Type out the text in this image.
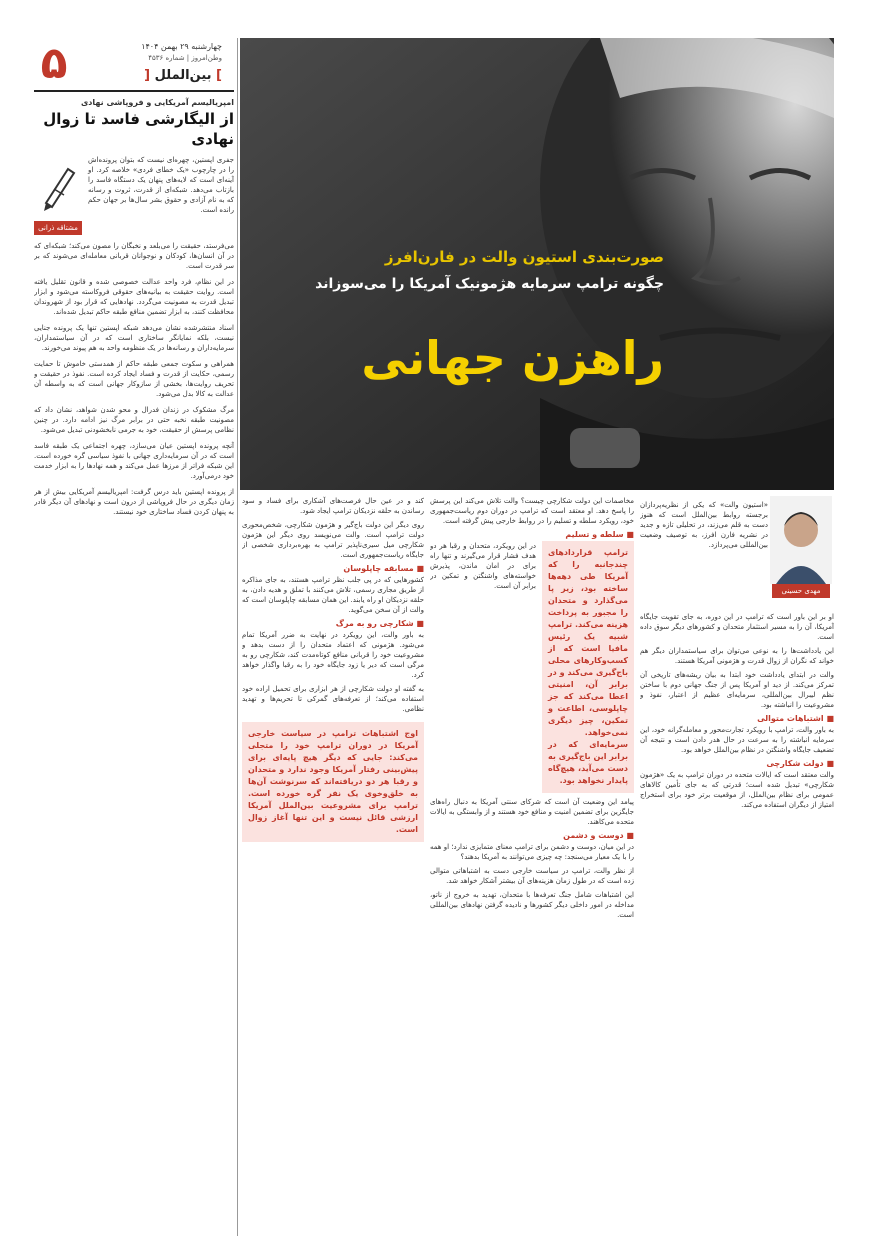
۵	چهارشنبه ۲۹ بهمن ۱۴۰۴
وطن‌امروز | شماره ۴۵۳۶
] بین‌الملل [
امپریالیسم آمریکایی و فروپاشی نهادی
از الیگارشی فاسد تا زوال نهادی
مشتاقه ذرانی
جفری اپستین، چهره‌ای نیست که بتوان پرونده‌اش را در چارچوب «یک خطای فردی» خلاصه کرد. او آینه‌ای است که لایه‌های پنهان یک دستگاه فاسد را بازتاب می‌دهد. شبکه‌ای از قدرت، ثروت و رسانه که به نام آزادی و حقوق بشر سال‌ها بر جهان حکم رانده است.
می‌فرستد، حقیقت را می‌بلعد و نخبگان را مصون می‌کند؛ شبکه‌ای که در آن انسان‌ها، کودکان و نوجوانان قربانی معامله‌ای می‌شوند که بر سر قدرت است.
در این نظام، فرد واحد عدالت خصوصی شده و قانون تقلیل یافته است. روایت حقیقت به بیانیه‌های حقوقی فروکاسته می‌شود و ابزار تبدیل قدرت به مصونیت می‌گردد. نهادهایی که قرار بود از شهروندان محافظت کنند، به ابزار تضمین منافع طبقه حاکم تبدیل شده‌اند.
اسناد منتشرشده نشان می‌دهد شبکه اپستین تنها یک پرونده جنایی نیست، بلکه نمایانگر ساختاری است که در آن سیاستمداران، سرمایه‌داران و رسانه‌ها در یک منظومه واحد به هم پیوند می‌خورند.
همراهی و سکوت جمعی طبقه حاکم از همدستی خاموش تا حمایت رسمی، حکایت از قدرت و فساد ایجاد کرده است. نفوذ در حقیقت و تحریف روایت‌ها، بخشی از سازوکار جهانی است که به واسطه آن عدالت به کالا بدل می‌شود.
مرگ مشکوک در زندان فدرال و محو شدن شواهد، نشان داد که مصونیت طبقه نخبه حتی در برابر مرگ نیز ادامه دارد. در چنین نظامی پرسش از حقیقت، خود به جرمی نابخشودنی تبدیل می‌شود.
آنچه پرونده اپستین عیان می‌سازد، چهره اجتماعی یک طبقه فاسد است که در آن سرمایه‌داری جهانی با نفوذ سیاسی گره خورده است. این شبکه فراتر از مرزها عمل می‌کند و همه نهادها را به ابزار خدمت خود درمی‌آورد.
از پرونده اپستین باید درس گرفت: امپریالیسم آمریکایی بیش از هر زمان دیگری در حال فروپاشی از درون است و نهادهای آن دیگر قادر به پنهان کردن فساد ساختاری خود نیستند.
صورت‌بندی استیون والت در فارن‌افرز
چگونه ترامپ سرمایه هژمونیک آمریکا را می‌سوزاند
راهزن جهانی
مهدی حسینی
«استیون والت» که یکی از نظریه‌پردازان برجسته روابط بین‌الملل است که هنوز دست به قلم می‌زند، در تحلیلی تازه و جدید در نشریه فارن افرز، به توصیف وضعیت بین‌المللی می‌پردازد.
او بر این باور است که ترامپ در این دوره، به جای تقویت جایگاه آمریکا، آن را به مسیر استثمار متحدان و کشورهای دیگر سوق داده است.
این یادداشت‌ها را به نوعی می‌توان برای سیاستمداران دیگر هم خواند که نگران از زوال قدرت و هژمونی آمریکا هستند.
والت در ابتدای یادداشت خود ابتدا به بیان ریشه‌های تاریخی آن تمرکز می‌کند. از دید او آمریکا پس از جنگ جهانی دوم با ساختن نظم لیبرال بین‌المللی، سرمایه‌ای عظیم از اعتبار، نفوذ و مشروعیت را انباشته بود.
■ اشتباهات متوالی
به باور والت، ترامپ با رویکرد تجارت‌محور و معامله‌گرانه خود، این سرمایه انباشته را به سرعت در حال هدر دادن است و نتیجه آن تضعیف جایگاه واشنگتن در نظام بین‌الملل خواهد بود.
■ دولت شکارچی
والت معتقد است که ایالات متحده در دوران ترامپ به یک «هژمون شکارچی» تبدیل شده است؛ قدرتی که به جای تأمین کالاهای عمومی برای نظام بین‌الملل، از موقعیت برتر خود برای استخراج امتیاز از دیگران استفاده می‌کند.
مخاصمات این دولت شکارچی چیست؟ والت تلاش می‌کند این پرسش را پاسخ دهد. او معتقد است که ترامپ در دوران دوم ریاست‌جمهوری خود، رویکرد سلطه و تسلیم را در روابط خارجی پیش گرفته است.
■ سلطه و تسلیم
ترامپ قراردادهای چندجانبه را که آمریکا طی دهه‌ها ساخته بود، زیر پا می‌گذارد و متحدان را مجبور به پرداخت هزینه می‌کند. ترامپ شبیه یک رئیس مافیا است که از کسب‌وکارهای محلی باج‌گیری می‌کند و در برابر آن، امنیتی اعطا می‌کند که جز چاپلوسی، اطاعت و تمکین، چیز دیگری نمی‌خواهد. سرمایه‌ای که در برابر این باج‌گیری به دست می‌آید، هیچ‌گاه پایدار نخواهد بود.
در این رویکرد، متحدان و رقبا هر دو هدف فشار قرار می‌گیرند و تنها راه برای در امان ماندن، پذیرش خواسته‌های واشنگتن و تمکین در برابر آن است.
پیامد این وضعیت آن است که شرکای سنتی آمریکا به دنبال راه‌های جایگزین برای تضمین امنیت و منافع خود هستند و از وابستگی به ایالات متحده می‌کاهند.
■ دوست و دشمن
در این میان، دوست و دشمن برای ترامپ معنای متمایزی ندارد؛ او همه را با یک معیار می‌سنجد: چه چیزی می‌توانند به آمریکا بدهند؟
از نظر والت، ترامپ در سیاست خارجی دست به اشتباهاتی متوالی زده است که در طول زمان هزینه‌های آن بیشتر آشکار خواهد شد.
این اشتباهات شامل جنگ تعرفه‌ها با متحدان، تهدید به خروج از ناتو، مداخله در امور داخلی دیگر کشورها و نادیده گرفتن نهادهای بین‌المللی است.
کند و در عین حال فرصت‌های آشکاری برای فساد و سود رساندن به حلقه نزدیکان ترامپ ایجاد شود.
روی دیگر این دولت باج‌گیر و هژمون شکارچی، شخص‌محوری دولت ترامپ است. والت می‌نویسد روی دیگر این هژمون شکارچی میل سیری‌ناپذیر ترامپ به بهره‌برداری شخصی از جایگاه ریاست‌جمهوری است.
■ مسابقه چاپلوسان
کشورهایی که در پی جلب نظر ترامپ هستند، به جای مذاکره از طریق مجاری رسمی، تلاش می‌کنند با تملق و هدیه دادن، به حلقه نزدیکان او راه یابند. این همان مسابقه چاپلوسان است که والت از آن سخن می‌گوید.
■ شکارچی رو به مرگ
به باور والت، این رویکرد در نهایت به ضرر آمریکا تمام می‌شود. هژمونی که اعتماد متحدان را از دست بدهد و مشروعیت خود را قربانی منافع کوتاه‌مدت کند، شکارچی رو به مرگی است که دیر یا زود جایگاه خود را به رقبا واگذار خواهد کرد.
به گفته او دولت شکارچی از هر ابزاری برای تحمیل اراده خود استفاده می‌کند؛ از تعرفه‌های گمرکی تا تحریم‌ها و تهدید نظامی.
اوج اشتباهات ترامپ در سیاست خارجی آمریکا در دوران ترامپ خود را متجلی می‌کند: جایی که دیگر هیچ پایه‌ای برای پیش‌بینی رفتار آمریکا وجود ندارد و متحدان و رقبا هر دو دریافته‌اند که سرنوشت آن‌ها به خلق‌وخوی یک نفر گره خورده است. ترامپ برای مشروعیت بین‌الملل آمریکا ارزشی قائل نیست و این تنها آغاز زوال است.
